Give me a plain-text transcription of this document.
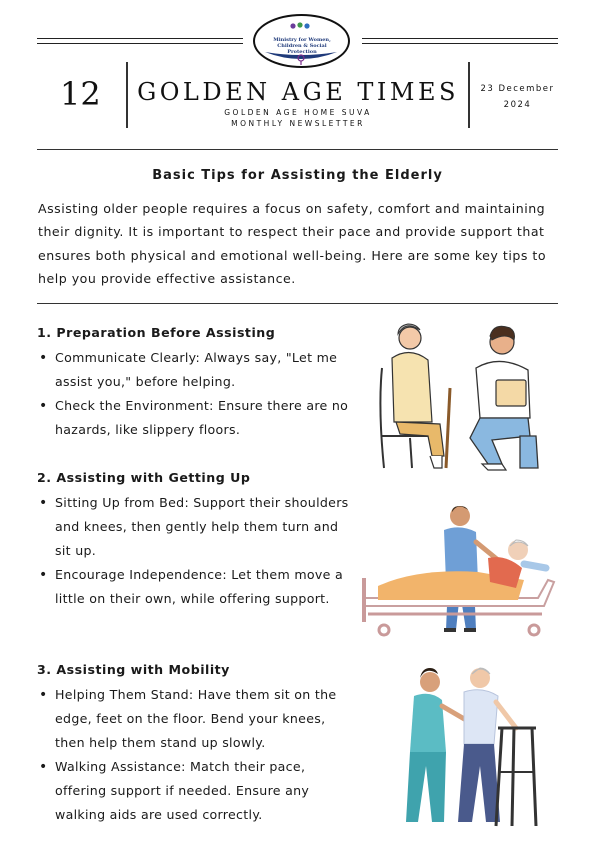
Ministry for Women, Children & Social Protection
12 GOLDEN AGE TIMES
GOLDEN AGE HOME SUVA
MONTHLY NEWSLETTER
23 December
2024
Basic Tips for Assisting the Elderly

Assisting older people requires a focus on safety, comfort and maintaining their dignity. It is important to respect their pace and provide support that ensures both physical and emotional well-being. Here are some key tips to help you provide effective assistance.

1. Preparation Before Assisting
• Communicate Clearly: Always say, "Let me assist you," before helping.
• Check the Environment: Ensure there are no hazards, like slippery floors.
2. Assisting with Getting Up
• Sitting Up from Bed: Support their shoulders and knees, then gently help them turn and sit up.
• Encourage Independence: Let them move a little on their own, while offering support.
3. Assisting with Mobility
• Helping Them Stand: Have them sit on the edge, feet on the floor. Bend your knees, then help them stand up slowly.
• Walking Assistance: Match their pace, offering support if needed. Ensure any walking aids are used correctly.
